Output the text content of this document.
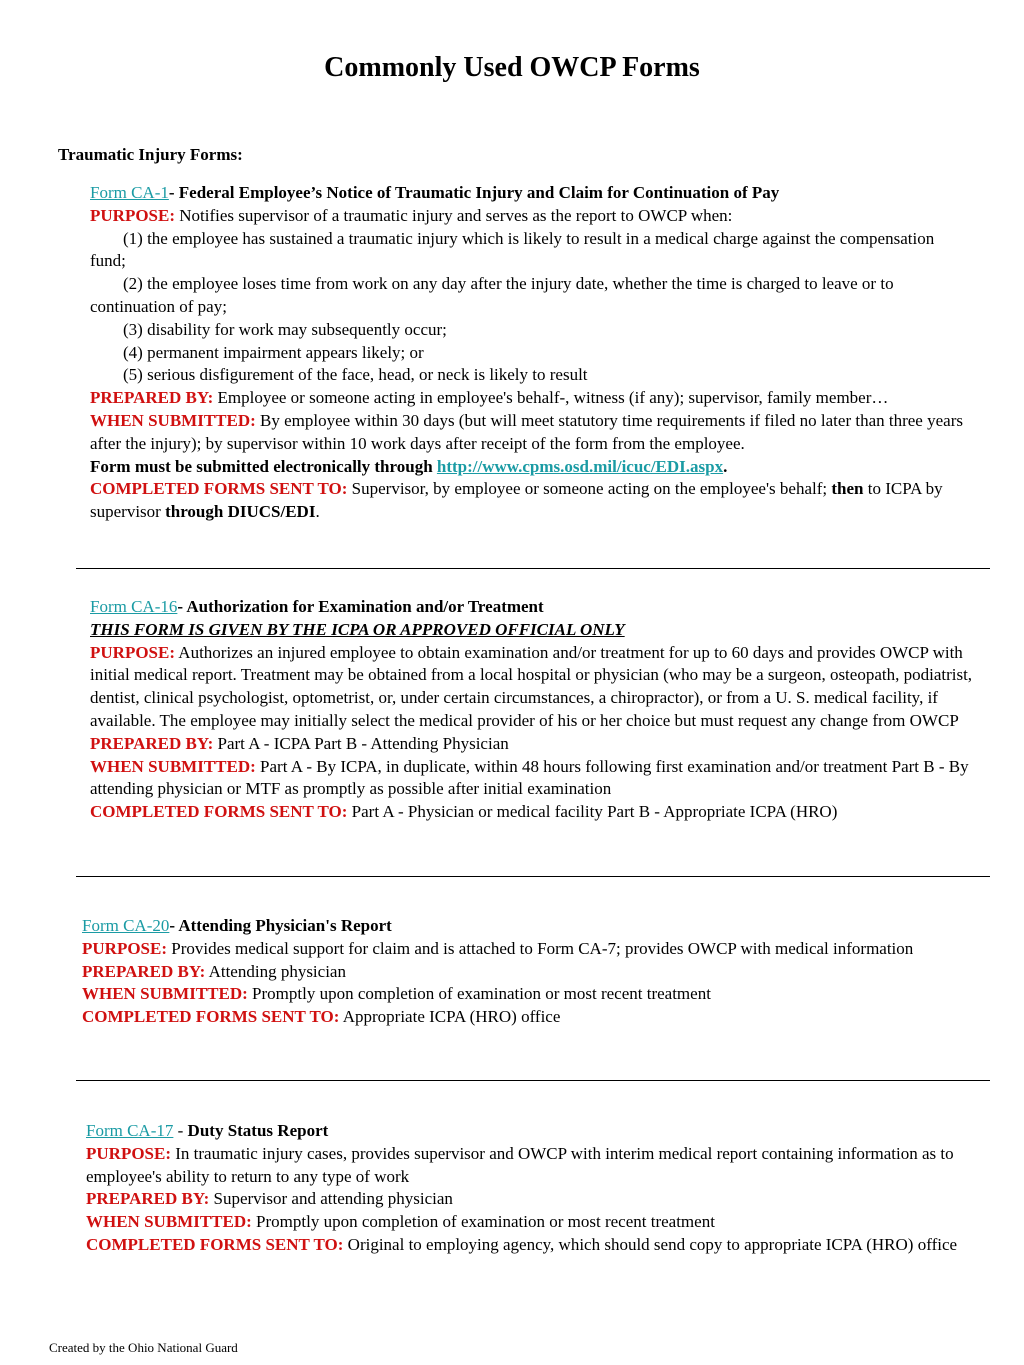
Commonly Used OWCP Forms
Traumatic Injury Forms:

Form CA-1- Federal Employee’s Notice of Traumatic Injury and Claim for Continuation of Pay

PURPOSE: Notifies supervisor of a traumatic injury and serves as the report to OWCP when:

(1) the employee has sustained a traumatic injury which is likely to result in a medical charge against the compensation fund;

(2) the employee loses time from work on any day after the injury date, whether the time is charged to leave or to continuation of pay;

(3) disability for work may subsequently occur;

(4) permanent impairment appears likely; or

(5) serious disfigurement of the face, head, or neck is likely to result

PREPARED BY: Employee or someone acting in employee's behalf-, witness (if any); supervisor, family member…

WHEN SUBMITTED: By employee within 30 days (but will meet statutory time requirements if filed no later than three years after the injury); by supervisor within 10 work days after receipt of the form from the employee.

Form must be submitted electronically through http://www.cpms.osd.mil/icuc/EDI.aspx.

COMPLETED FORMS SENT TO: Supervisor, by employee or someone acting on the employee's behalf; then to ICPA by supervisor through DIUCS/EDI.

Form CA-16- Authorization for Examination and/or Treatment

THIS FORM IS GIVEN BY THE ICPA OR APPROVED OFFICIAL ONLY

PURPOSE: Authorizes an injured employee to obtain examination and/or treatment for up to 60 days and provides OWCP with initial medical report. Treatment may be obtained from a local hospital or physician (who may be a surgeon, osteopath, podiatrist, dentist, clinical psychologist, optometrist, or, under certain circumstances, a chiropractor), or from a U. S. medical facility, if available. The employee may initially select the medical provider of his or her choice but must request any change from OWCP

PREPARED BY: Part A - ICPA Part B - Attending Physician

WHEN SUBMITTED: Part A - By ICPA, in duplicate, within 48 hours following first examination and/or treatment Part B - By attending physician or MTF as promptly as possible after initial examination

COMPLETED FORMS SENT TO: Part A - Physician or medical facility Part B - Appropriate ICPA (HRO)

Form CA-20- Attending Physician's Report

PURPOSE: Provides medical support for claim and is attached to Form CA-7; provides OWCP with medical information

PREPARED BY: Attending physician

WHEN SUBMITTED: Promptly upon completion of examination or most recent treatment

COMPLETED FORMS SENT TO: Appropriate ICPA (HRO) office

Form CA-17 - Duty Status Report

PURPOSE: In traumatic injury cases, provides supervisor and OWCP with interim medical report containing information as to employee's ability to return to any type of work

PREPARED BY: Supervisor and attending physician

WHEN SUBMITTED: Promptly upon completion of examination or most recent treatment

COMPLETED FORMS SENT TO: Original to employing agency, which should send copy to appropriate ICPA (HRO) office

Created by the Ohio National Guard
